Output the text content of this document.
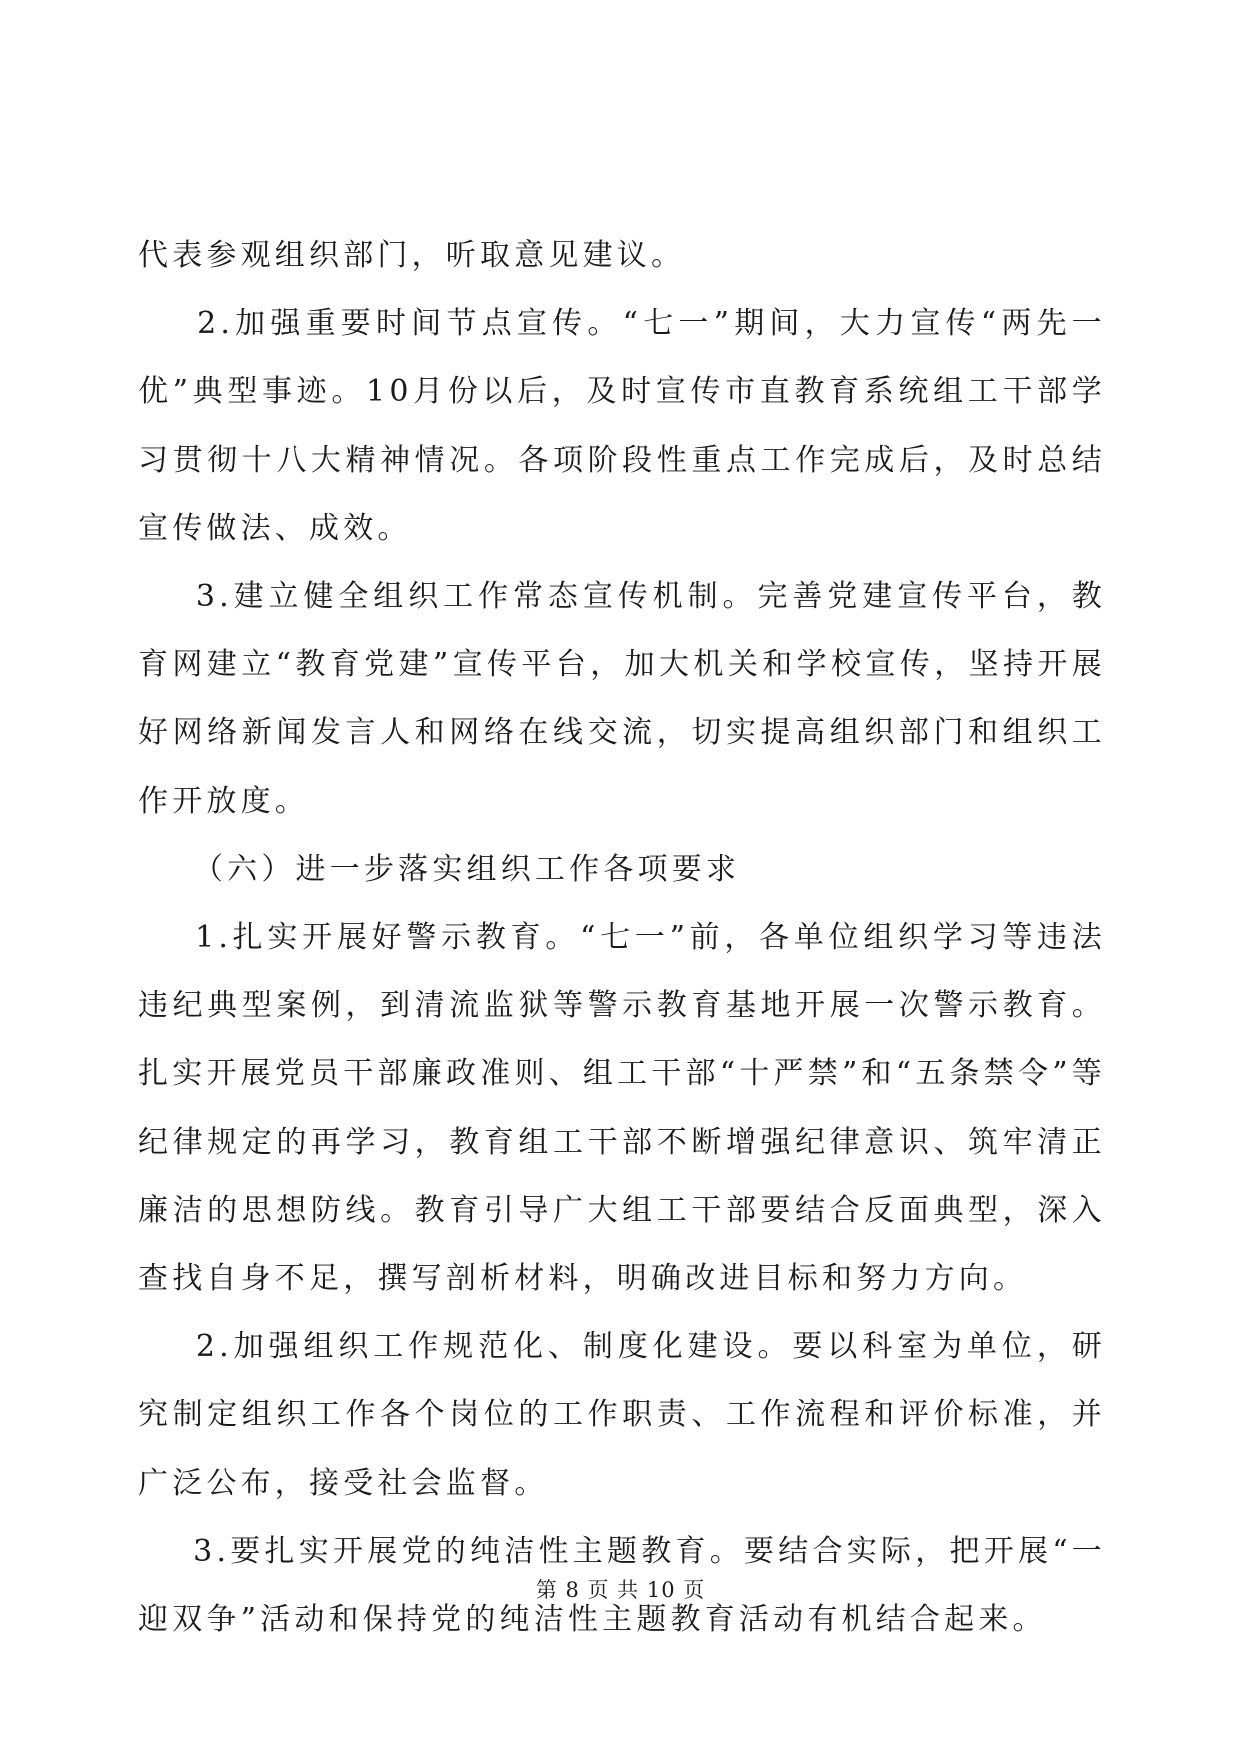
代表参观组织部门，听取意见建议。

2.加强重要时间节点宣传。“七一”期间，大力宣传“两先一优”典型事迹。10月份以后，及时宣传市直教育系统组工干部学习贯彻十八大精神情况。各项阶段性重点工作完成后，及时总结宣传做法、成效。

3.建立健全组织工作常态宣传机制。完善党建宣传平台，教育网建立“教育党建”宣传平台，加大机关和学校宣传，坚持开展好网络新闻发言人和网络在线交流，切实提高组织部门和组织工作开放度。

（六）进一步落实组织工作各项要求

1.扎实开展好警示教育。“七一”前，各单位组织学习等违法违纪典型案例，到清流监狱等警示教育基地开展一次警示教育。扎实开展党员干部廉政准则、组工干部“十严禁”和“五条禁令”等纪律规定的再学习，教育组工干部不断增强纪律意识、筑牢清正廉洁的思想防线。教育引导广大组工干部要结合反面典型，深入查找自身不足，撰写剖析材料，明确改进目标和努力方向。

2.加强组织工作规范化、制度化建设。要以科室为单位，研究制定组织工作各个岗位的工作职责、工作流程和评价标准，并广泛公布，接受社会监督。

3.要扎实开展党的纯洁性主题教育。要结合实际，把开展“一迎双争”活动和保持党的纯洁性主题教育活动有机结合起来。

第 8 页 共 10 页
